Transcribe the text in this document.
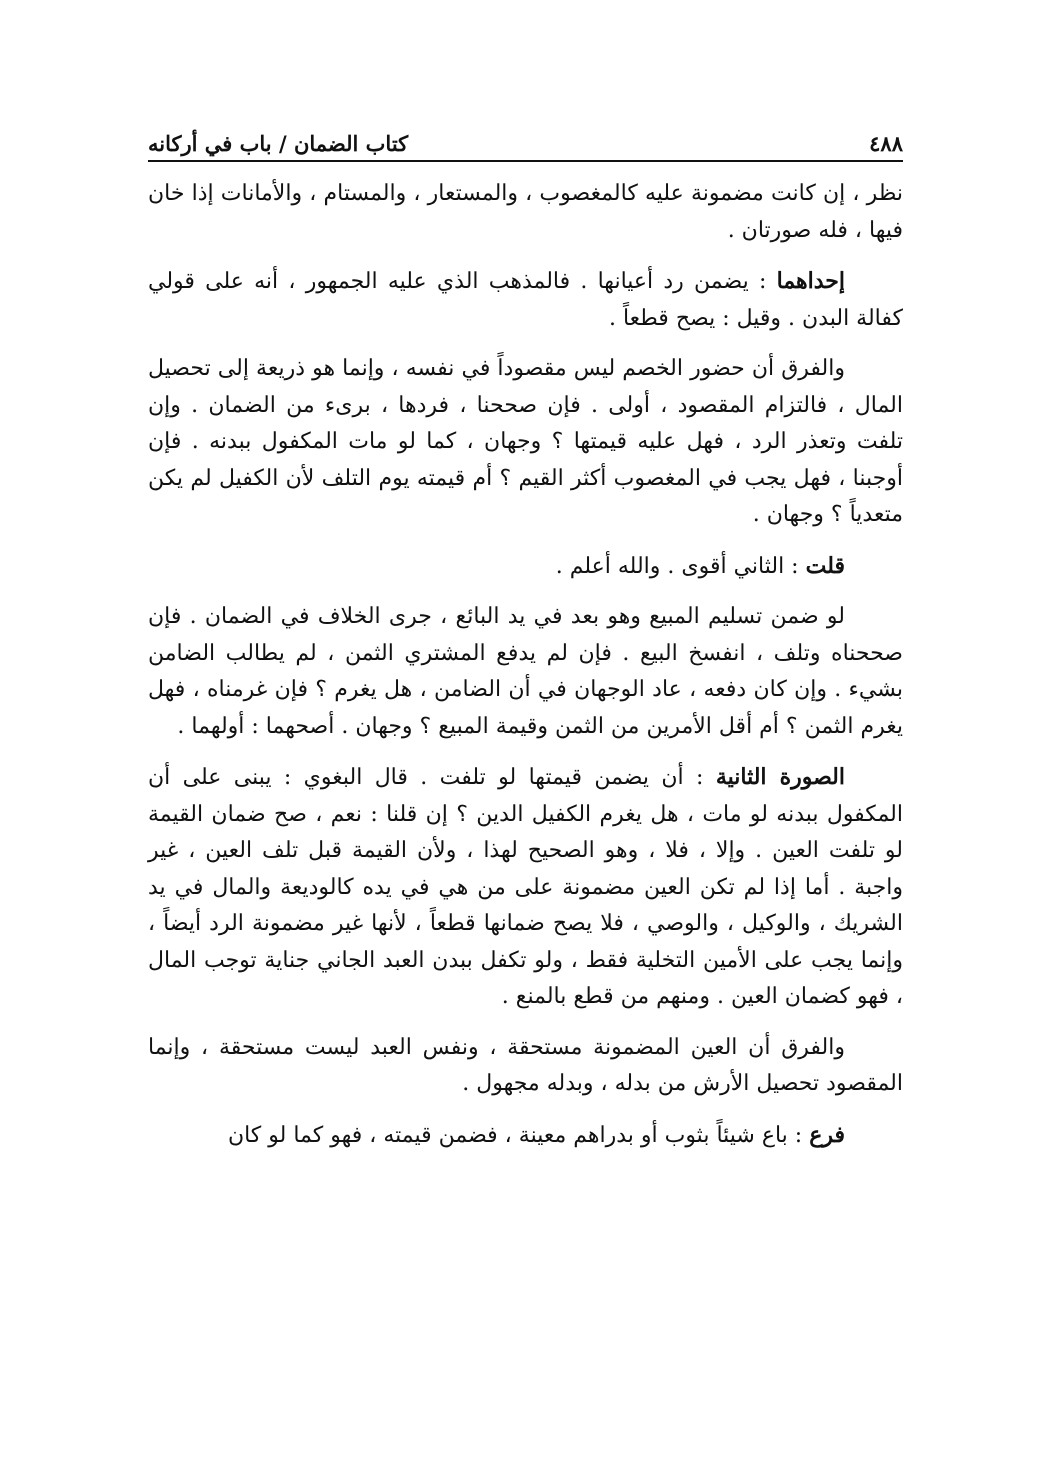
٤٨٨
كتاب الضمان / باب في أركانه

نظر ، إن كانت مضمونة عليه كالمغصوب ، والمستعار ، والمستام ، والأمانات إذا خان فيها ، فله صورتان .

إحداهما : يضمن رد أعيانها . فالمذهب الذي عليه الجمهور ، أنه على قولي كفالة البدن . وقيل : يصح قطعاً .

والفرق أن حضور الخصم ليس مقصوداً في نفسه ، وإنما هو ذريعة إلى تحصيل المال ، فالتزام المقصود ، أولى . فإن صححنا ، فردها ، برىء من الضمان . وإن تلفت وتعذر الرد ، فهل عليه قيمتها ؟ وجهان ، كما لو مات المكفول ببدنه . فإن أوجبنا ، فهل يجب في المغصوب أكثر القيم ؟ أم قيمته يوم التلف لأن الكفيل لم يكن متعدياً ؟ وجهان .

قلت : الثاني أقوى . والله أعلم .

لو ضمن تسليم المبيع وهو بعد في يد البائع ، جرى الخلاف في الضمان . فإن صححناه وتلف ، انفسخ البيع . فإن لم يدفع المشتري الثمن ، لم يطالب الضامن بشيء . وإن كان دفعه ، عاد الوجهان في أن الضامن ، هل يغرم ؟ فإن غرمناه ، فهل يغرم الثمن ؟ أم أقل الأمرين من الثمن وقيمة المبيع ؟ وجهان . أصحهما : أولهما .

الصورة الثانية : أن يضمن قيمتها لو تلفت . قال البغوي : يبنى على أن المكفول ببدنه لو مات ، هل يغرم الكفيل الدين ؟ إن قلنا : نعم ، صح ضمان القيمة لو تلفت العين . وإلا ، فلا ، وهو الصحيح لهذا ، ولأن القيمة قبل تلف العين ، غير واجبة . أما إذا لم تكن العين مضمونة على من هي في يده كالوديعة والمال في يد الشريك ، والوكيل ، والوصي ، فلا يصح ضمانها قطعاً ، لأنها غير مضمونة الرد أيضاً ، وإنما يجب على الأمين التخلية فقط ، ولو تكفل ببدن العبد الجاني جناية توجب المال ، فهو كضمان العين . ومنهم من قطع بالمنع .

والفرق أن العين المضمونة مستحقة ، ونفس العبد ليست مستحقة ، وإنما المقصود تحصيل الأرش من بدله ، وبدله مجهول .

فرع : باع شيئاً بثوب أو بدراهم معينة ، فضمن قيمته ، فهو كما لو كان
